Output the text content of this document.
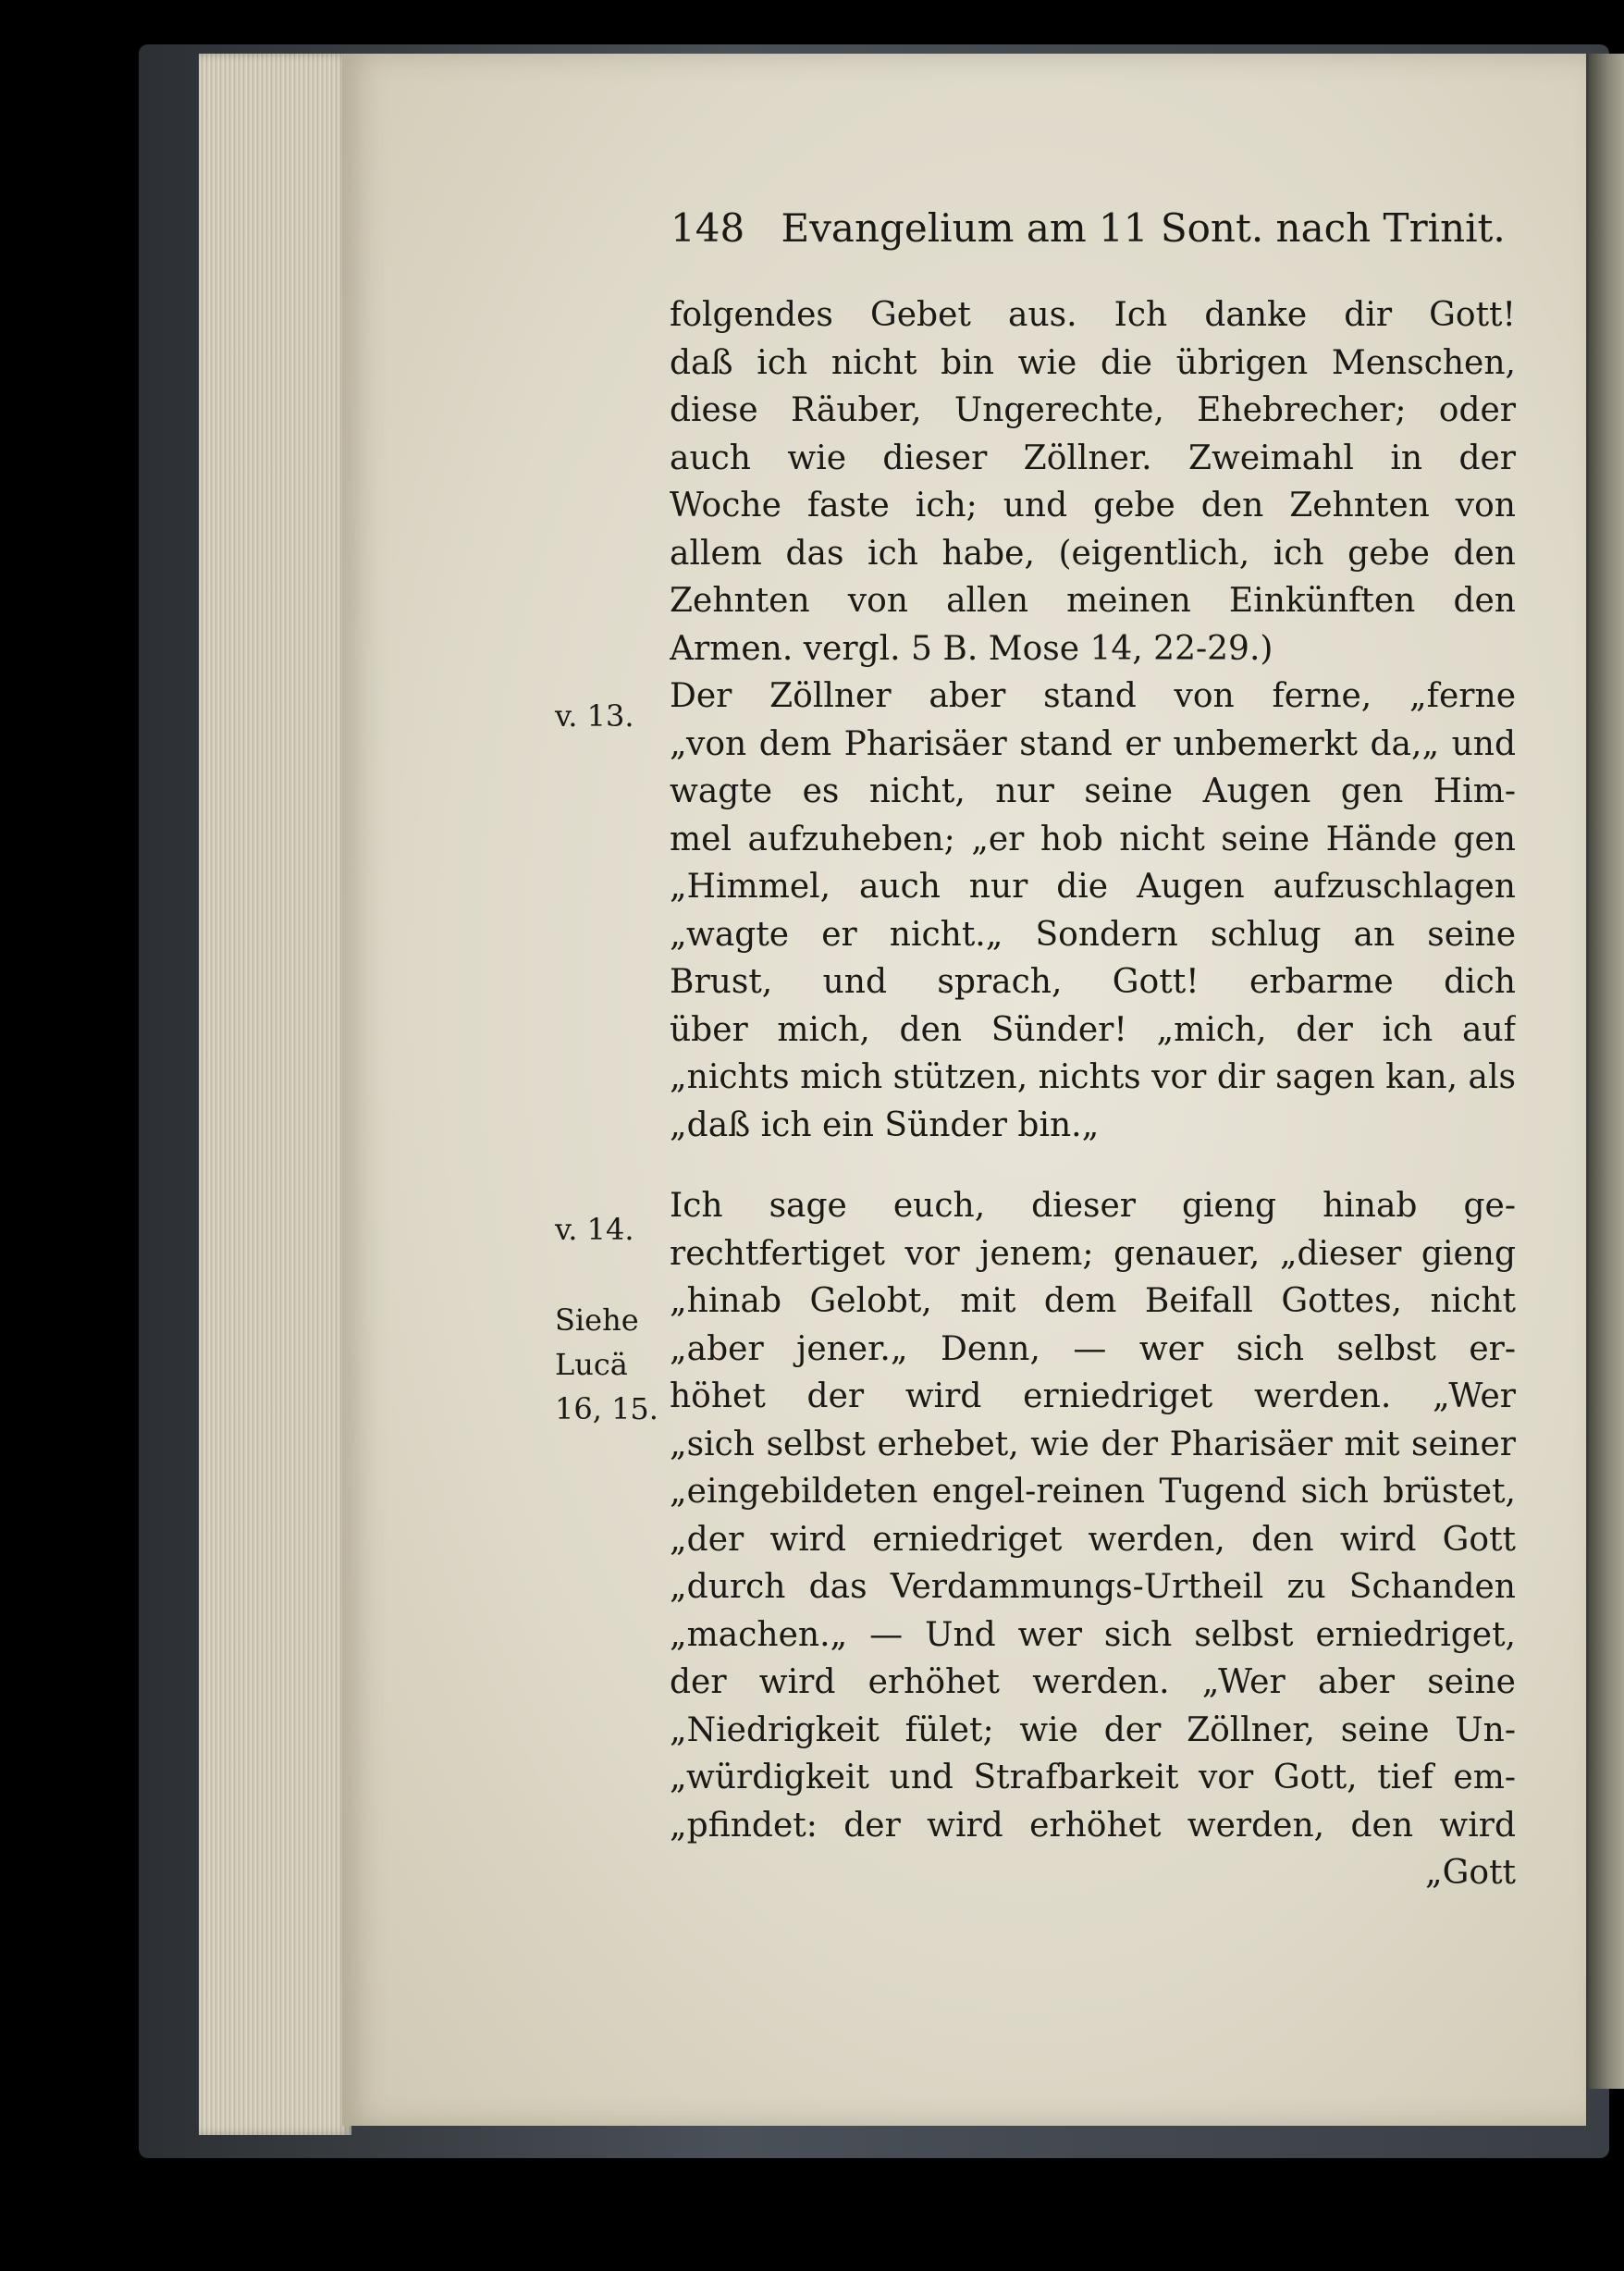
148 Evangelium am 11 Sont. nach Trinit.
v. 13.
v. 14.
Siehe
Lucä
16, 15.
folgendes Gebet aus. Ich danke dir Gott!
daß ich nicht bin wie die übrigen Menschen,
diese Räuber, Ungerechte, Ehebrecher; oder
auch wie dieser Zöllner. Zweimahl in der
Woche faste ich; und gebe den Zehnten von
allem das ich habe, (eigentlich, ich gebe den
Zehnten von allen meinen Einkünften den
Armen. vergl. 5 B. Mose 14, 22-29.)
Der Zöllner aber stand von ferne, „ferne
„von dem Pharisäer stand er unbemerkt da,„ und
wagte es nicht, nur seine Augen gen Him-
mel aufzuheben; „er hob nicht seine Hände gen
„Himmel, auch nur die Augen aufzuschlagen
„wagte er nicht.„ Sondern schlug an seine
Brust, und sprach, Gott! erbarme dich
über mich, den Sünder! „mich, der ich auf
„nichts mich stützen, nichts vor dir sagen kan, als
„daß ich ein Sünder bin.„
Ich sage euch, dieser gieng hinab ge-
rechtfertiget vor jenem; genauer, „dieser gieng
„hinab Gelobt, mit dem Beifall Gottes, nicht
„aber jener.„ Denn, — wer sich selbst er-
höhet der wird erniedriget werden. „Wer
„sich selbst erhebet, wie der Pharisäer mit seiner
„eingebildeten engel-reinen Tugend sich brüstet,
„der wird erniedriget werden, den wird Gott
„durch das Verdammungs-Urtheil zu Schanden
„machen.„ — Und wer sich selbst erniedriget,
der wird erhöhet werden. „Wer aber seine
„Niedrigkeit fület; wie der Zöllner, seine Un-
„würdigkeit und Strafbarkeit vor Gott, tief em-
„pfindet: der wird erhöhet werden, den wird
„Gott
